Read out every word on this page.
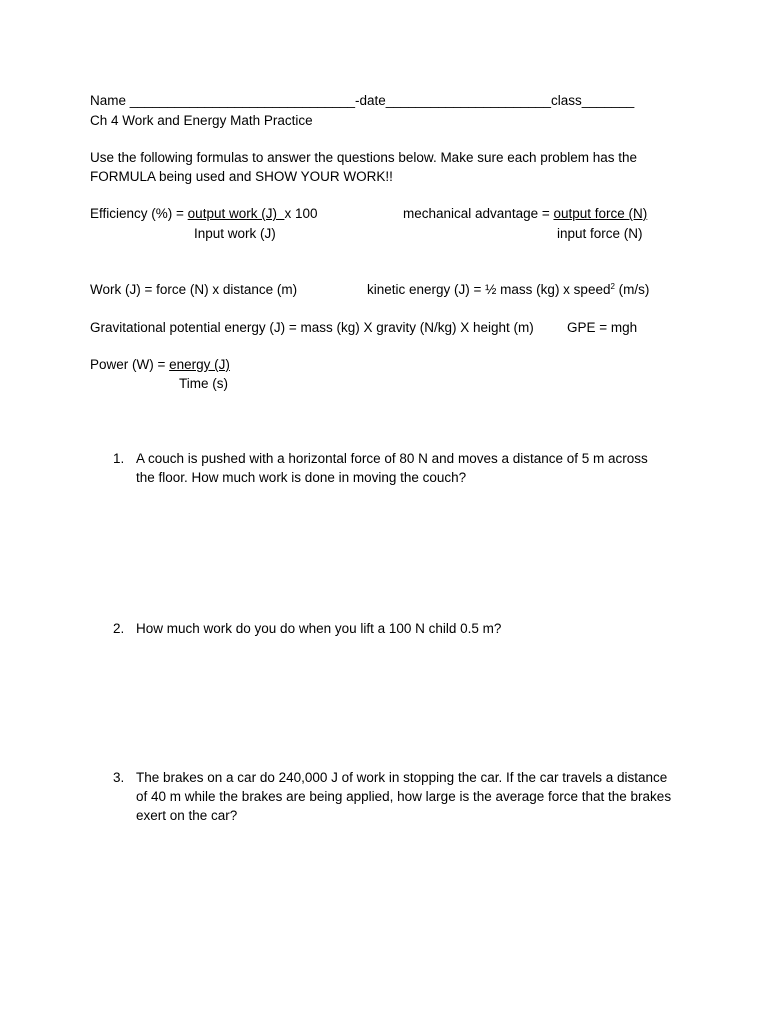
Name ______________________________-date______________________class_______
Ch 4 Work and Energy Math Practice
Use the following formulas to answer the questions below. Make sure each problem has the
FORMULA being used and SHOW YOUR WORK!!
Efficiency (%) = output work (J)  x 100
Input work (J)
mechanical advantage = output force (N)
input force (N)
Work (J) = force (N) x distance (m)	kinetic energy (J) = ½ mass (kg) x speed$^2$ (m/s)
Gravitational potential energy (J) = mass (kg) X gravity (N/kg) X height (m) GPE = mgh
Power (W) = energy (J)
Time (s)
1. A couch is pushed with a horizontal force of 80 N and moves a distance of 5 m across the floor. How much work is done in moving the couch?
2. How much work do you do when you lift a 100 N child 0.5 m?
3. The brakes on a car do 240,000 J of work in stopping the car. If the car travels a distance of 40 m while the brakes are being applied, how large is the average force that the brakes exert on the car?
